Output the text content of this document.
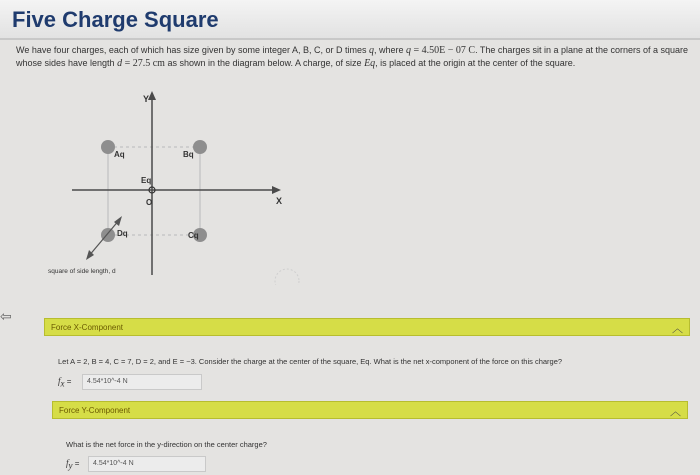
Five Charge Square
We have four charges, each of which has size given by some integer A, B, C, or D times q, where q = 4.50E − 07 C. The charges sit in a plane at the corners of a square whose sides have length d = 27.5 cm as shown in the diagram below. A charge, of size Eq, is placed at the origin at the center of the square.
Y
X
Aq	Bq
Dq	Cq
Eq
O
square of side length, d
⇦
Force X-Component	︿
Let A = 2, B = 4, C = 7, D = 2, and E = −3. Consider the charge at the center of the square, Eq. What is the net x-component of the force on this charge?
$f_x$ =	4.54*10^-4 N
Force Y-Component	︿
What is the net force in the y-direction on the center charge?
$f_y$ =	4.54*10^-4 N
